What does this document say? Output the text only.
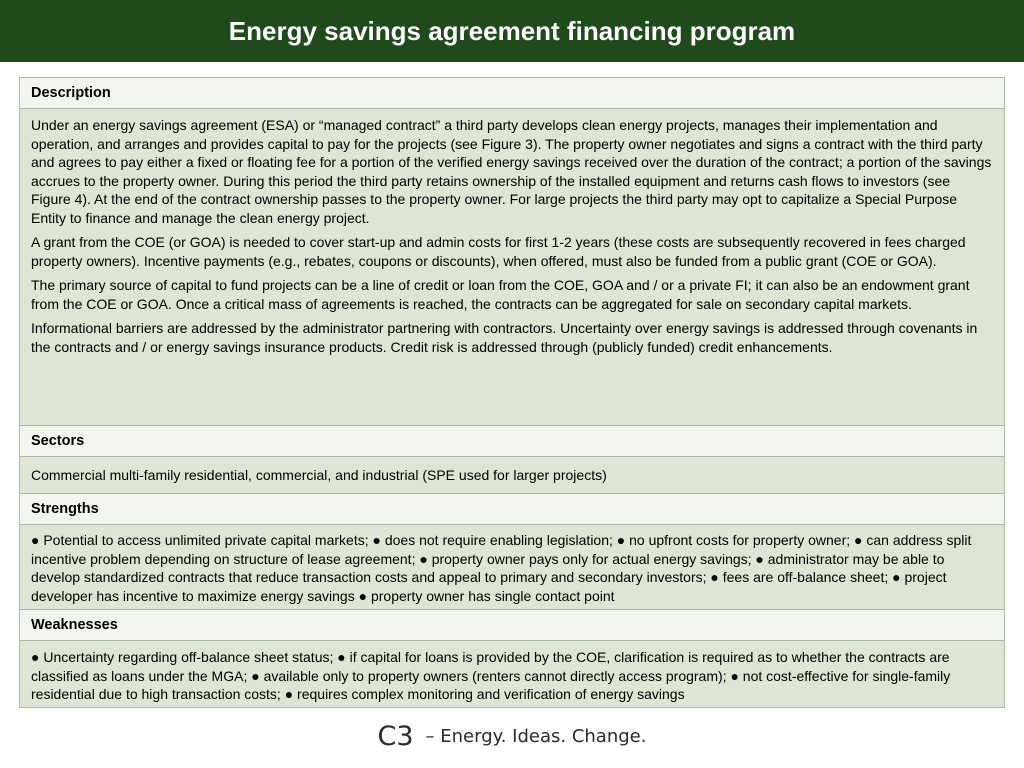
Energy savings agreement financing program
Description

Under an energy savings agreement (ESA) or “managed contract” a third party develops clean energy projects, manages their implementation and operation, and arranges and provides capital to pay for the projects (see Figure 3). The property owner negotiates and signs a contract with the third party and agrees to pay either a fixed or floating fee for a portion of the verified energy savings received over the duration of the contract; a portion of the savings accrues to the property owner. During this period the third party retains ownership of the installed equipment and returns cash flows to investors (see Figure 4). At the end of the contract ownership passes to the property owner. For large projects the third party may opt to capitalize a Special Purpose Entity to finance and manage the clean energy project.

A grant from the COE (or GOA) is needed to cover start-up and admin costs for first 1-2 years (these costs are subsequently recovered in fees charged property owners). Incentive payments (e.g., rebates, coupons or discounts), when offered, must also be funded from a public grant (COE or GOA).

The primary source of capital to fund projects can be a line of credit or loan from the COE, GOA and / or a private FI; it can also be an endowment grant from the COE or GOA. Once a critical mass of agreements is reached, the contracts can be aggregated for sale on secondary capital markets.

Informational barriers are addressed by the administrator partnering with contractors. Uncertainty over energy savings is addressed through covenants in the contracts and / or energy savings insurance products. Credit risk is addressed through (publicly funded) credit enhancements.

Sectors
Commercial multi-family residential, commercial, and industrial (SPE used for larger projects)
Strengths
● Potential to access unlimited private capital markets; ● does not require enabling legislation; ● no upfront costs for property owner; ● can address split incentive problem depending on structure of lease agreement; ● property owner pays only for actual energy savings; ● administrator may be able to develop standardized contracts that reduce transaction costs and appeal to primary and secondary investors; ● fees are off-balance sheet; ● project developer has incentive to maximize energy savings ● property owner has single contact point
Weaknesses
● Uncertainty regarding off-balance sheet status; ● if capital for loans is provided by the COE, clarification is required as to whether the contracts are classified as loans under the MGA; ● available only to property owners (renters cannot directly access program); ● not cost-effective for single-family residential due to high transaction costs; ● requires complex monitoring and verification of energy savings
C3 – Energy. Ideas. Change.
